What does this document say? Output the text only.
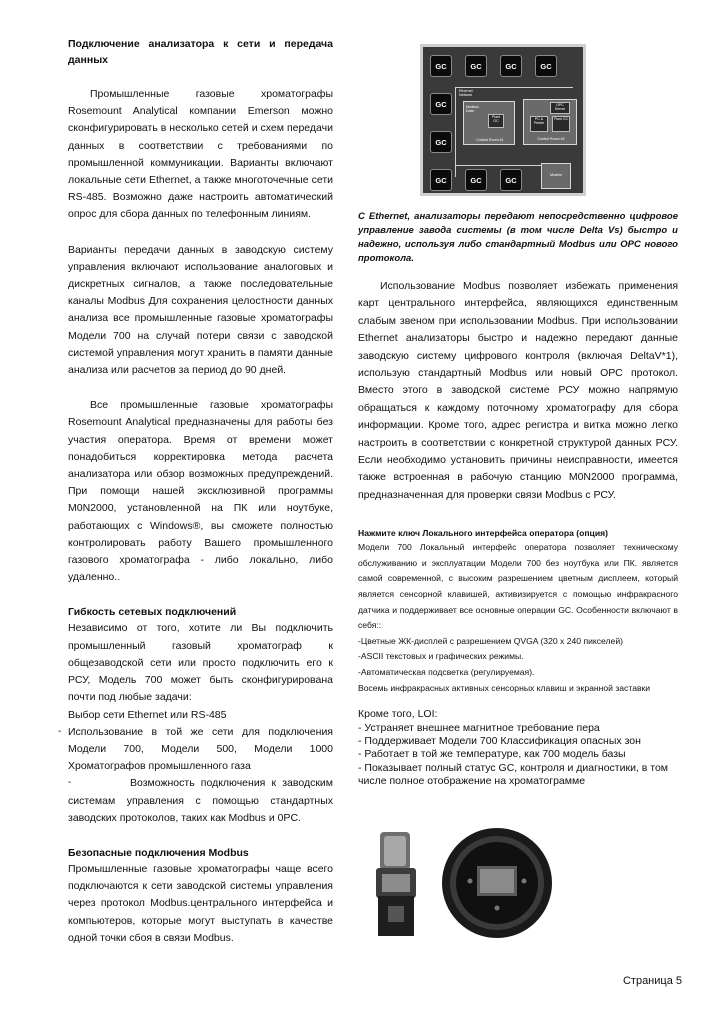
Подключение анализатора к сети и передача данных

Промышленные газовые хроматографы Rosemount Analytical компании Emerson можно сконфигурировать в несколько сетей и схем передачи данных в соответствии с требованиями по промышленной коммуникации. Варианты включают локальные сети Ethernet, а также многоточечные сети RS-485. Возможно даже настроить автоматический опрос для сбора данных по телефонным линиям.

Варианты передачи данных в заводскую систему управления включают использование аналоговых и дискретных сигналов, а также последовательные каналы Modbus Для сохранения целостности данных анализа все промышленные газовые хроматографы Модели 700 на случай потери связи с заводской системой управления могут хранить в памяти данные анализа или расчетов за период до 90 дней.

Все промышленные газовые хроматографы Rosemount Analytical предназначены для работы без участия оператора. Время от времени может понадобиться корректировка метода расчета анализатора или обзор возможных предупреждений. При помощи нашей эксклюзивной программы M0N2000, установленной на ПК или ноутбуке, работающих с Windows®, вы сможете полностью контролировать работу Вашего промышленного газового хроматографа - либо локально, либо удаленно..

Гибкость сетевых подключений

Независимо от того, хотите ли Вы подключить промышленный газовый хроматограф к общезаводской сети или просто подключить его к РСУ, Модель 700 может быть сконфигурирована почти под любые задачи:

Выбор сети Ethernet или RS-485

- Использование в той же сети для подключения Модели 700, Модели 500, Модели 1000 Хроматографов промышленного газа

-	Возможность подключения к заводским системам управления с помощью стандартных заводских протоколов, таких как Modbus и 0PC.

Безопасные подключения Modbus

Промышленные газовые хроматографы чаще всего подключаются к сети заводской системы управления через протокол Modbus.центрального интерфейса и компьютеров, которые могут выступать в качестве одной точки сбоя в связи Modbus.

GC	GC	GC	GC
GC
GC
GC	GC	GC
Ethernet Network
Modbus Data
Plant GC
Control Room #1
OPC Server
PC & Printer
Plant GC
Control Room #2
Modem

С Ethernet, анализаторы передают непосредственно цифровое управление завода системы (в том числе Delta Vs) быстро и надежно, используя либо стандартный Modbus или ОРС нового протокола.

Использование Modbus позволяет избежать применения карт центрального интерфейса, являющихся единственным слабым звеном при использовании Modbus. При использовании Ethernet анализаторы быстро и надежно передают данные заводскую систему цифрового контроля (включая DeltaV*1), использую стандартный Modbus или новый ОРС протокол. Вместо этого в заводской системе РСУ можно напрямую обращаться к каждому поточному хроматографу для сбора информации. Кроме того, адрес регистра и витка можно легко настроить в соответствии с конкретной структурой данных РСУ. Если необходимо установить причины неисправности, имеется также встроенная в рабочую станцию M0N2000 программа, предназначенная для проверки связи Modbus с РСУ.

Нажмите ключ Локального интерфейса оператора (опция)

Модели 700 Локальный интерфейс оператора позволяет техническому обслуживанию и эксплуатации Модели 700 без ноутбука или ПК. является самой современной, с высоким разрешением цветным дисплеем, который является сенсорной клавишей, активизируется с помощью инфракрасного датчика и поддерживает все основные операции GC. Особенности включают в себя::

-Цветные ЖК-дисплей с разрешением QVGA (320 х 240 пикселей)

-ASCII текстовых и графических режимы.

-Автоматическая подсветка (регулируемая).

Восемь инфракрасных активных сенсорных клавиш и экранной заставки

Кроме того, LOI:

- Устраняет внешнее магнитное требование пера

- Поддерживает Модели 700 Классификация опасных зон

- Работает в той же температуре, как 700 модель базы

- Показывает полный статус GC, контроля и диагностики, в том числе полное отображение на хроматограмме

Страница 5
